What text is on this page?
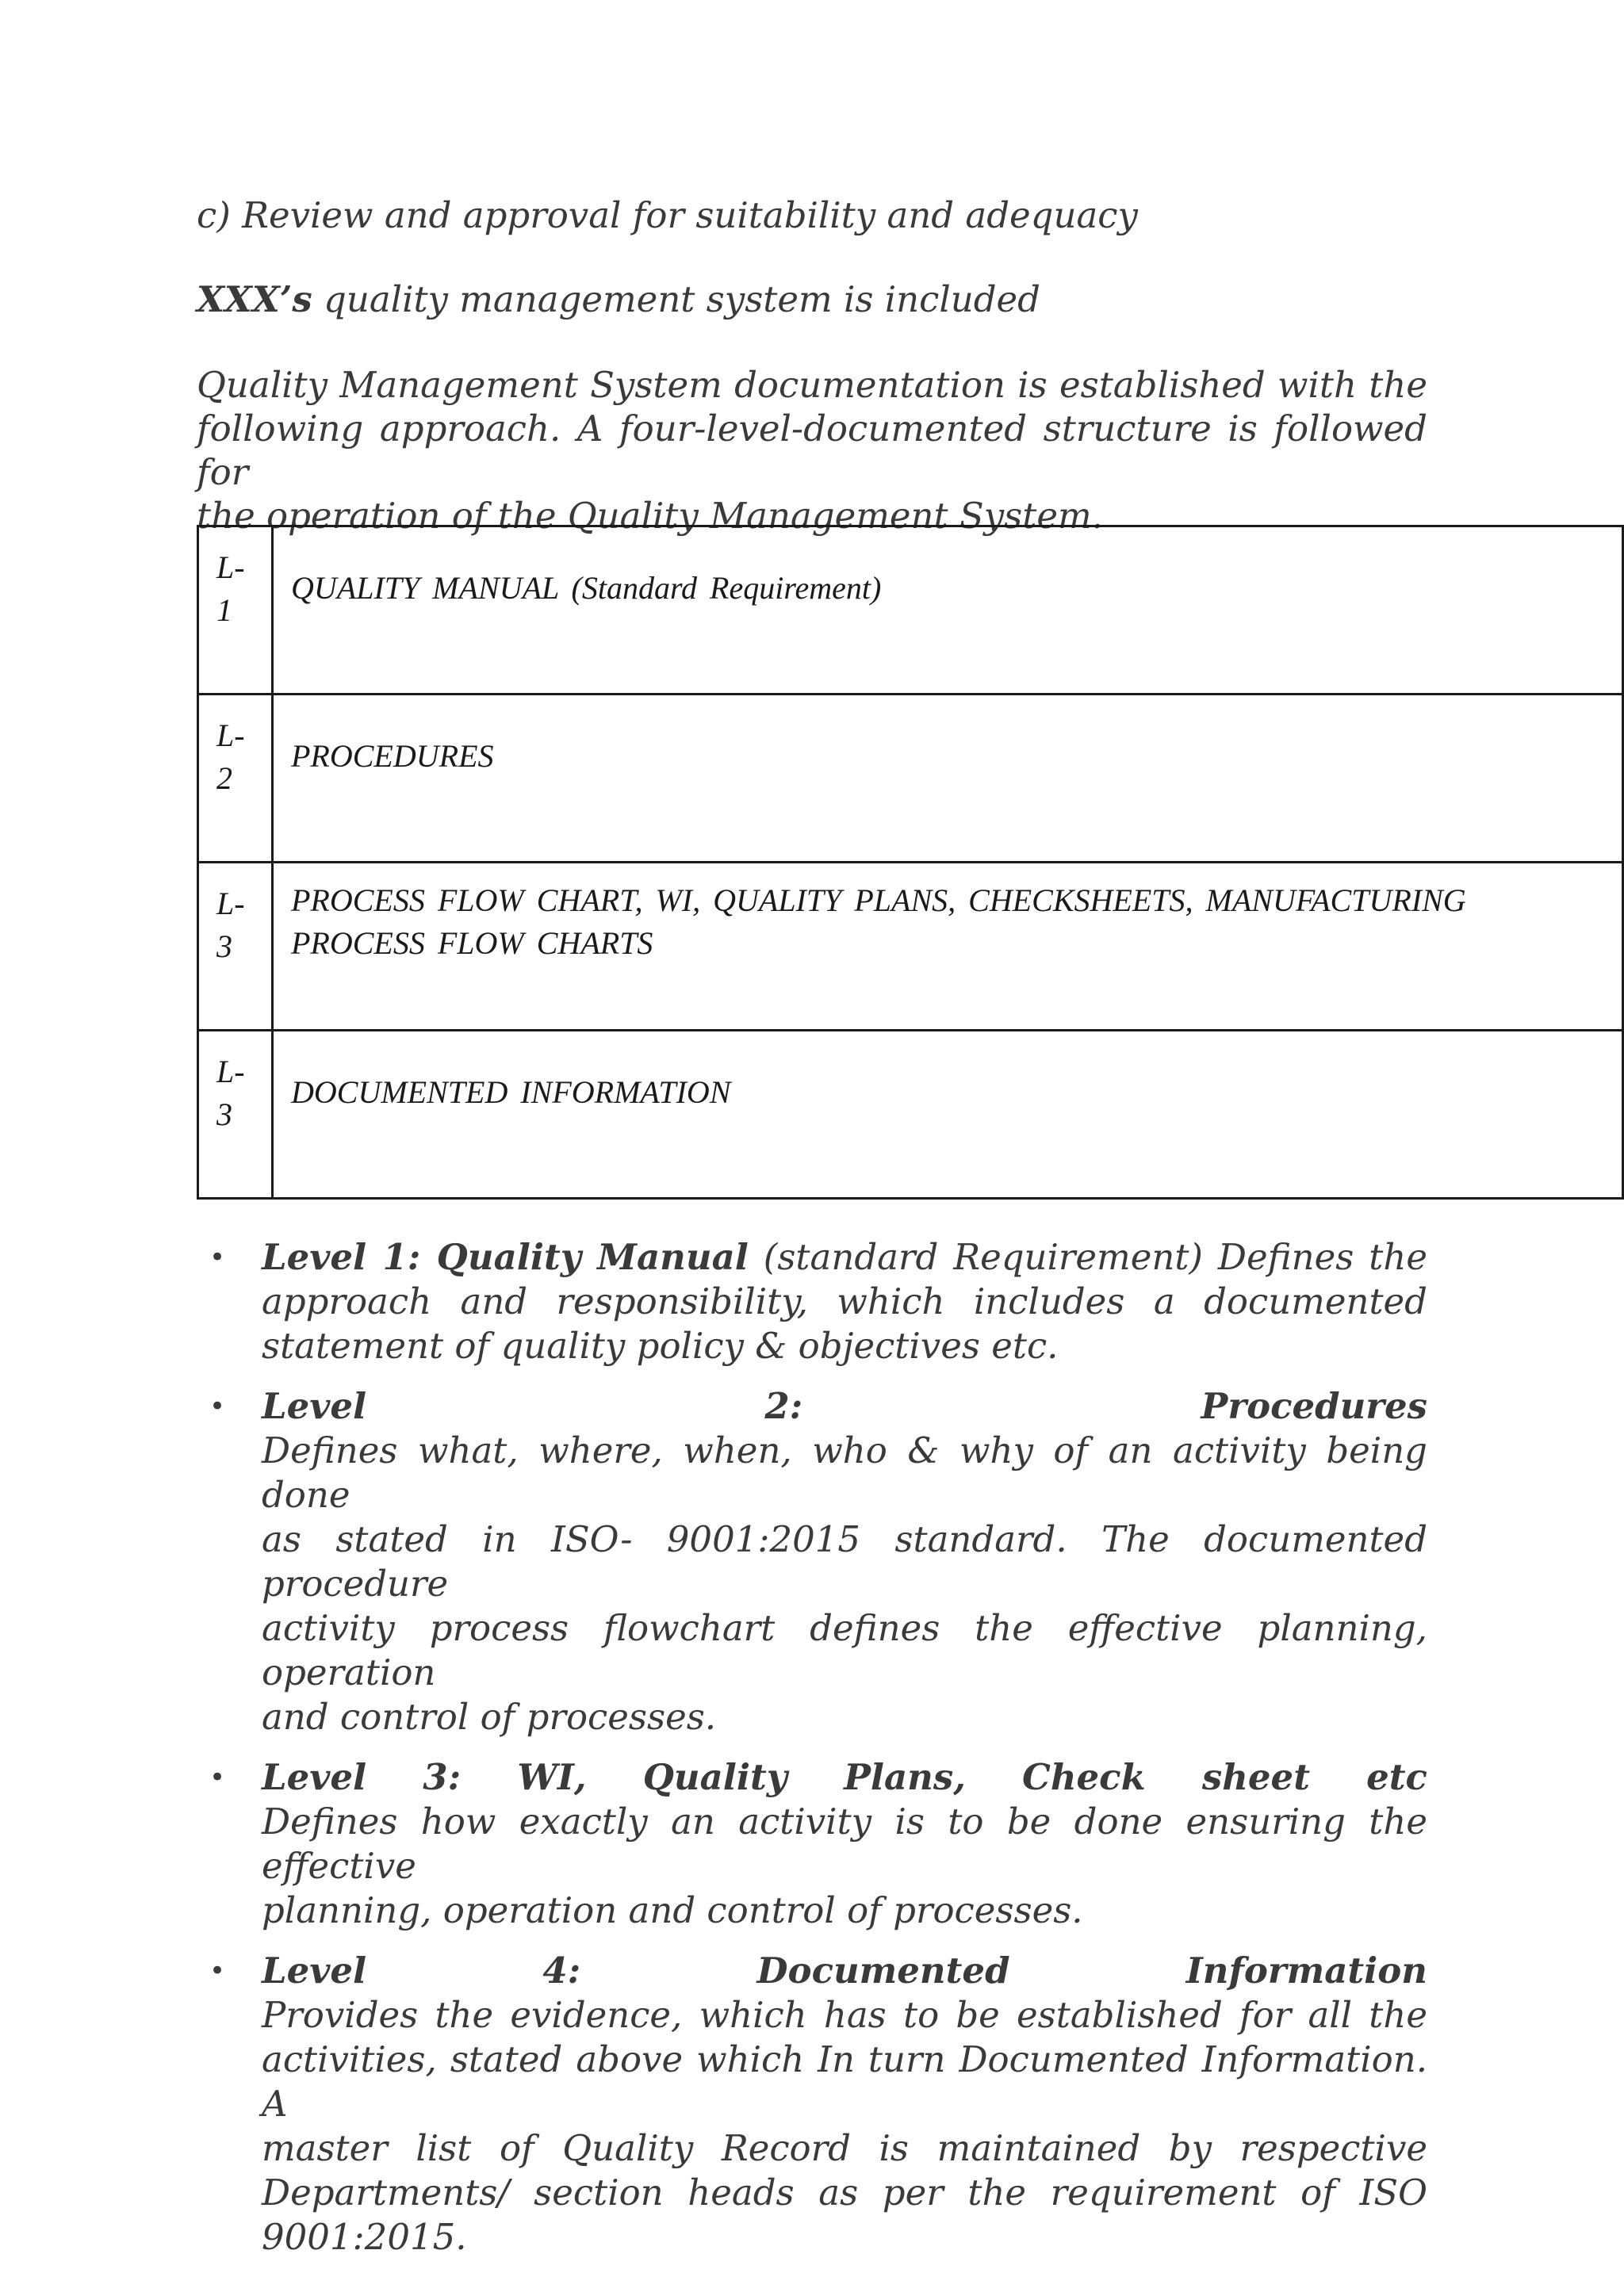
c) Review and approval for suitability and adequacy

XXX’s quality management system is included

Quality Management System documentation is established with the
following approach. A four-level-documented structure is followed for
the operation of the Quality Management System.

L-
1	QUALITY MANUAL (Standard Requirement)
L-
2	PROCEDURES
L-
3	PROCESS FLOW CHART, WI, QUALITY PLANS, CHECKSHEETS, MANUFACTURING
PROCESS FLOW CHARTS
L-
3	DOCUMENTED INFORMATION
• Level 1: Quality Manual (standard Requirement) Defines the
approach and responsibility, which includes a documented
statement of quality policy & objectives etc.
• Level	2:	Procedures
Defines what, where, when, who & why of an activity being done
as stated in ISO- 9001:2015 standard. The documented procedure
activity process flowchart defines the effective planning, operation
and control of processes.
• Level 3: WI, Quality Plans, Check sheet etc
Defines how exactly an activity is to be done ensuring the effective
planning, operation and control of processes.
• Level	4:	Documented	Information
Provides the evidence, which has to be established for all the
activities, stated above which In turn Documented Information. A
master list of Quality Record is maintained by respective
Departments/ section heads as per the requirement of ISO
9001:2015.
